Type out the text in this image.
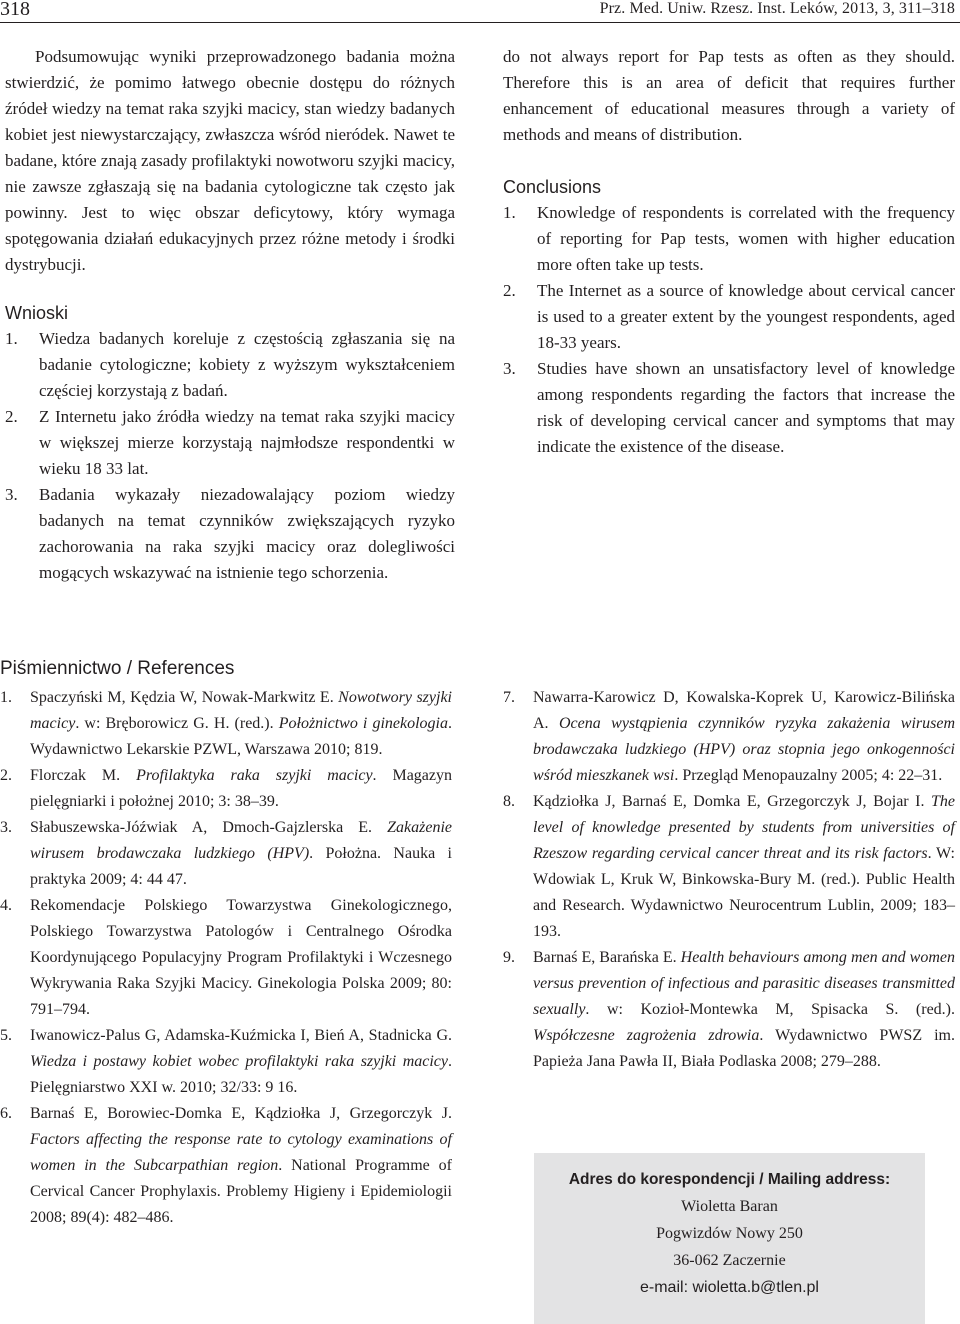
318	Prz. Med. Uniw. Rzesz. Inst. Leków, 2013, 3, 311–318

Podsumowując wyniki przeprowadzonego badania można stwierdzić, że pomimo łatwego obecnie dostępu do różnych źródeł wiedzy na temat raka szyjki macicy, stan wiedzy badanych kobiet jest niewystarczający, zwłaszcza wśród nieródek. Nawet te badane, które znają zasady profilaktyki nowotworu szyjki macicy, nie zawsze zgłaszają się na badania cytologiczne tak często jak powinny. Jest to więc obszar deficytowy, który wymaga spotęgowania działań edukacyjnych przez różne metody i środki dystrybucji.

Wnioski
1. Wiedza badanych koreluje z częstością zgłaszania się na badanie cytologiczne; kobiety z wyższym wykształceniem częściej korzystają z badań.
2. Z Internetu jako źródła wiedzy na temat raka szyjki macicy w większej mierze korzystają najmłodsze respondentki w wieku 18 33 lat.
3. Badania wykazały niezadowalający poziom wiedzy badanych na temat czynników zwiększających ryzyko zachorowania na raka szyjki macicy oraz dolegliwości mogących wskazywać na istnienie tego schorzenia.

do not always report for Pap tests as often as they should. Therefore this is an area of deficit that requires further enhancement of educational measures through a variety of methods and means of distribution.

Conclusions
1. Knowledge of respondents is correlated with the frequency of reporting for Pap tests, women with higher education more often take up tests.
2. The Internet as a source of knowledge about cervical cancer is used to a greater extent by the youngest respondents, aged 18-33 years.
3. Studies have shown an unsatisfactory level of knowledge among respondents regarding the factors that increase the risk of developing cervical cancer and symptoms that may indicate the existence of the disease.
Piśmiennictwo / References
1. Spaczyński M, Kędzia W, Nowak-Markwitz E. Nowotwory szyjki macicy. w: Bręborowicz G. H. (red.). Położnictwo i ginekologia. Wydawnictwo Lekarskie PZWL, Warszawa 2010; 819.
2. Florczak M. Profilaktyka raka szyjki macicy. Magazyn pielęgniarki i położnej 2010; 3: 38–39.
3. Słabuszewska-Jóźwiak A, Dmoch-Gajzlerska E. Zakażenie wirusem brodawczaka ludzkiego (HPV). Położna. Nauka i praktyka 2009; 4: 44 47.
4. Rekomendacje Polskiego Towarzystwa Ginekologicznego, Polskiego Towarzystwa Patologów i Centralnego Ośrodka Koordynującego Populacyjny Program Profilaktyki i Wczesnego Wykrywania Raka Szyjki Macicy. Ginekologia Polska 2009; 80: 791–794.
5. Iwanowicz-Palus G, Adamska-Kuźmicka I, Bień A, Stadnicka G. Wiedza i postawy kobiet wobec profilaktyki raka szyjki macicy. Pielęgniarstwo XXI w. 2010; 32/33: 9 16.
6. Barnaś E, Borowiec-Domka E, Kądziołka J, Grzegorczyk J. Factors affecting the response rate to cytology examinations of women in the Subcarpathian region. National Programme of Cervical Cancer Prophylaxis. Problemy Higieny i Epidemiologii 2008; 89(4): 482–486.
7. Nawarra-Karowicz D, Kowalska-Koprek U, Karowicz-Bilińska A. Ocena wystąpienia czynników ryzyka zakażenia wirusem brodawczaka ludzkiego (HPV) oraz stopnia jego onkogenności wśród mieszkanek wsi. Przegląd Menopauzalny 2005; 4: 22–31.
8. Kądziołka J, Barnaś E, Domka E, Grzegorczyk J, Bojar I. The level of knowledge presented by students from universities of Rzeszow regarding cervical cancer threat and its risk factors. W: Wdowiak L, Kruk W, Binkowska-Bury M. (red.). Public Health and Research. Wydawnictwo Neurocentrum Lublin, 2009; 183–193.
9. Barnaś E, Barańska E. Health behaviours among men and women versus prevention of infectious and parasitic diseases transmitted sexually. w: Kozioł-Montewka M, Spisacka S. (red.). Współczesne zagrożenia zdrowia. Wydawnictwo PWSZ im. Papieża Jana Pawła II, Biała Podlaska 2008; 279–288.
Adres do korespondencji / Mailing address:
Wioletta Baran
Pogwizdów Nowy 250
36-062 Zaczernie
e-mail: wioletta.b@tlen.pl
